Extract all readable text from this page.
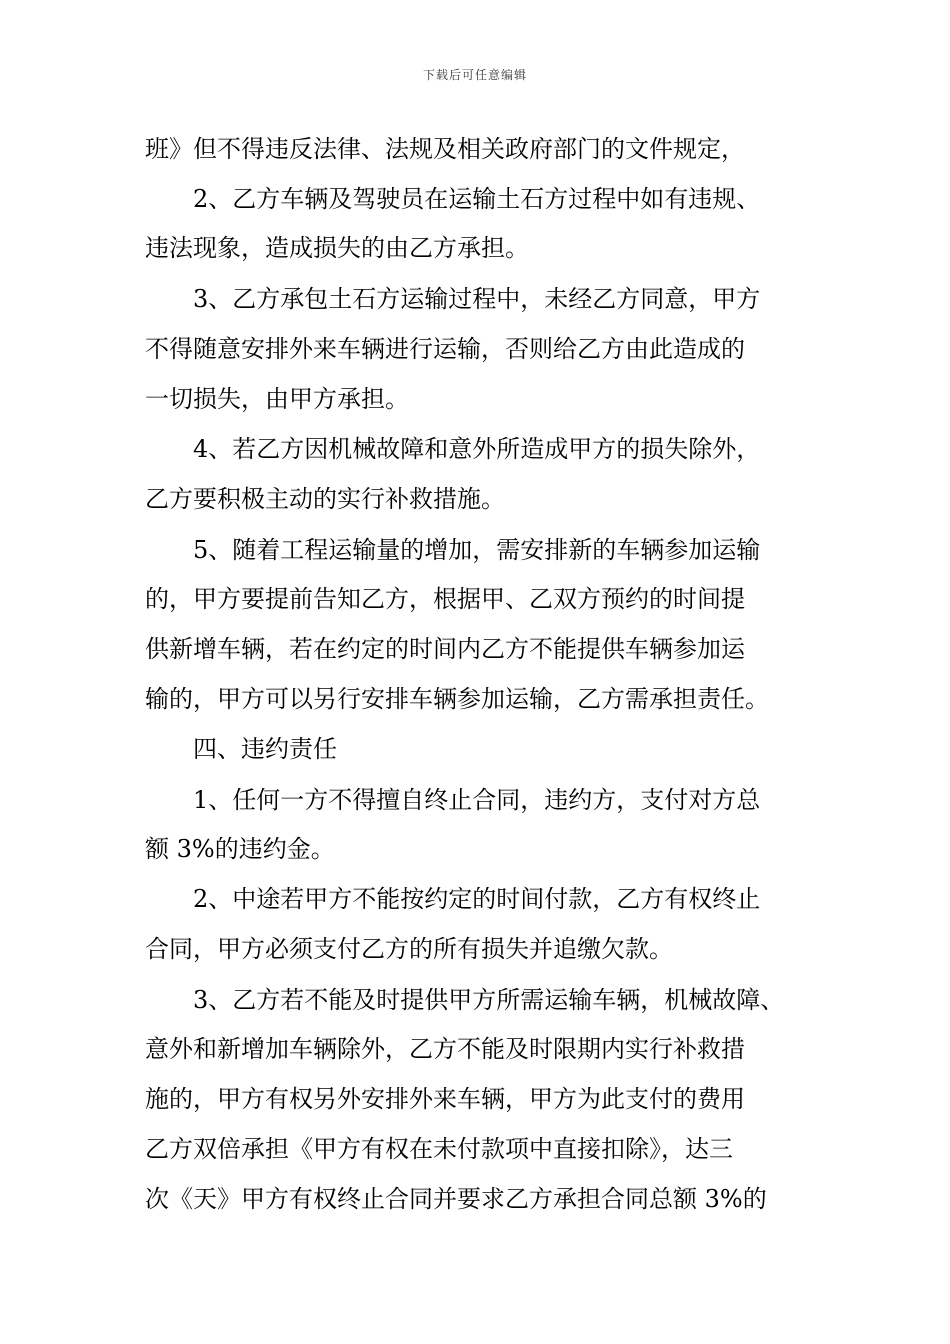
下载后可任意编辑
班》但不得违反法律、法规及相关政府部门的文件规定，
2、乙方车辆及驾驶员在运输土石方过程中如有违规、
违法现象，造成损失的由乙方承担。
3、乙方承包土石方运输过程中，未经乙方同意，甲方
不得随意安排外来车辆进行运输，否则给乙方由此造成的
一切损失，由甲方承担。
4、若乙方因机械故障和意外所造成甲方的损失除外，
乙方要积极主动的实行补救措施。
5、随着工程运输量的增加，需安排新的车辆参加运输
的，甲方要提前告知乙方，根据甲、乙双方预约的时间提
供新增车辆，若在约定的时间内乙方不能提供车辆参加运
输的，甲方可以另行安排车辆参加运输，乙方需承担责任。
四、违约责任
1、任何一方不得擅自终止合同，违约方，支付对方总
额 3%的违约金。
2、中途若甲方不能按约定的时间付款，乙方有权终止
合同，甲方必须支付乙方的所有损失并追缴欠款。
3、乙方若不能及时提供甲方所需运输车辆，机械故障、
意外和新增加车辆除外，乙方不能及时限期内实行补救措
施的，甲方有权另外安排外来车辆，甲方为此支付的费用
乙方双倍承担《甲方有权在未付款项中直接扣除》，达三
次《天》甲方有权终止合同并要求乙方承担合同总额 3%的
